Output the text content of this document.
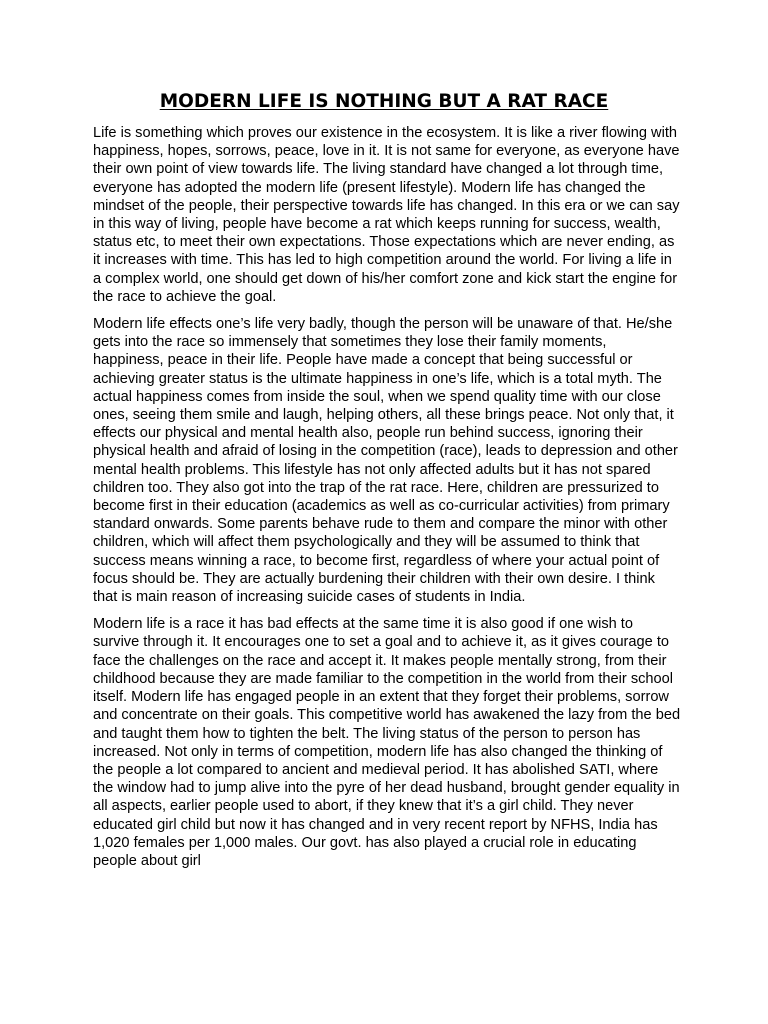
MODERN LIFE IS NOTHING BUT A RAT RACE

Life is something which proves our existence in the ecosystem. It is like a river flowing with happiness, hopes, sorrows, peace, love in it. It is not same for everyone, as everyone have their own point of view towards life. The living standard have changed a lot through time, everyone has adopted the modern life (present lifestyle). Modern life has changed the mindset of the people, their perspective towards life has changed. In this era or we can say in this way of living, people have become a rat which keeps running for success, wealth, status etc, to meet their own expectations. Those expectations which are never ending, as it increases with time. This has led to high competition around the world. For living a life in a complex world, one should get down of his/her comfort zone and kick start the engine for the race to achieve the goal.

Modern life effects one’s life very badly, though the person will be unaware of that. He/she gets into the race so immensely that sometimes they lose their family moments, happiness, peace in their life. People have made a concept that being successful or achieving greater status is the ultimate happiness in one’s life, which is a total myth. The actual happiness comes from inside the soul, when we spend quality time with our close ones, seeing them smile and laugh, helping others, all these brings peace. Not only that, it effects our physical and mental health also, people run behind success, ignoring their physical health and afraid of losing in the competition (race), leads to depression and other mental health problems. This lifestyle has not only affected adults but it has not spared children too. They also got into the trap of the rat race. Here, children are pressurized to become first in their education (academics as well as co-curricular activities) from primary standard onwards. Some parents behave rude to them and compare the minor with other children, which will affect them psychologically and they will be assumed to think that success means winning a race, to become first, regardless of where your actual point of focus should be. They are actually burdening their children with their own desire. I think that is main reason of increasing suicide cases of students in India.

Modern life is a race it has bad effects at the same time it is also good if one wish to survive through it. It encourages one to set a goal and to achieve it, as it gives courage to face the challenges on the race and accept it. It makes people mentally strong, from their childhood because they are made familiar to the competition in the world from their school itself. Modern life has engaged people in an extent that they forget their problems, sorrow and concentrate on their goals. This competitive world has awakened the lazy from the bed and taught them how to tighten the belt. The living status of the person to person has increased. Not only in terms of competition, modern life has also changed the thinking of the people a lot compared to ancient and medieval period. It has abolished SATI, where the window had to jump alive into the pyre of her dead husband, brought gender equality in all aspects, earlier people used to abort, if they knew that it’s a girl child. They never educated girl child but now it has changed and in very recent report by NFHS, India has 1,020 females per 1,000 males. Our govt. has also played a crucial role in educating people about girl
